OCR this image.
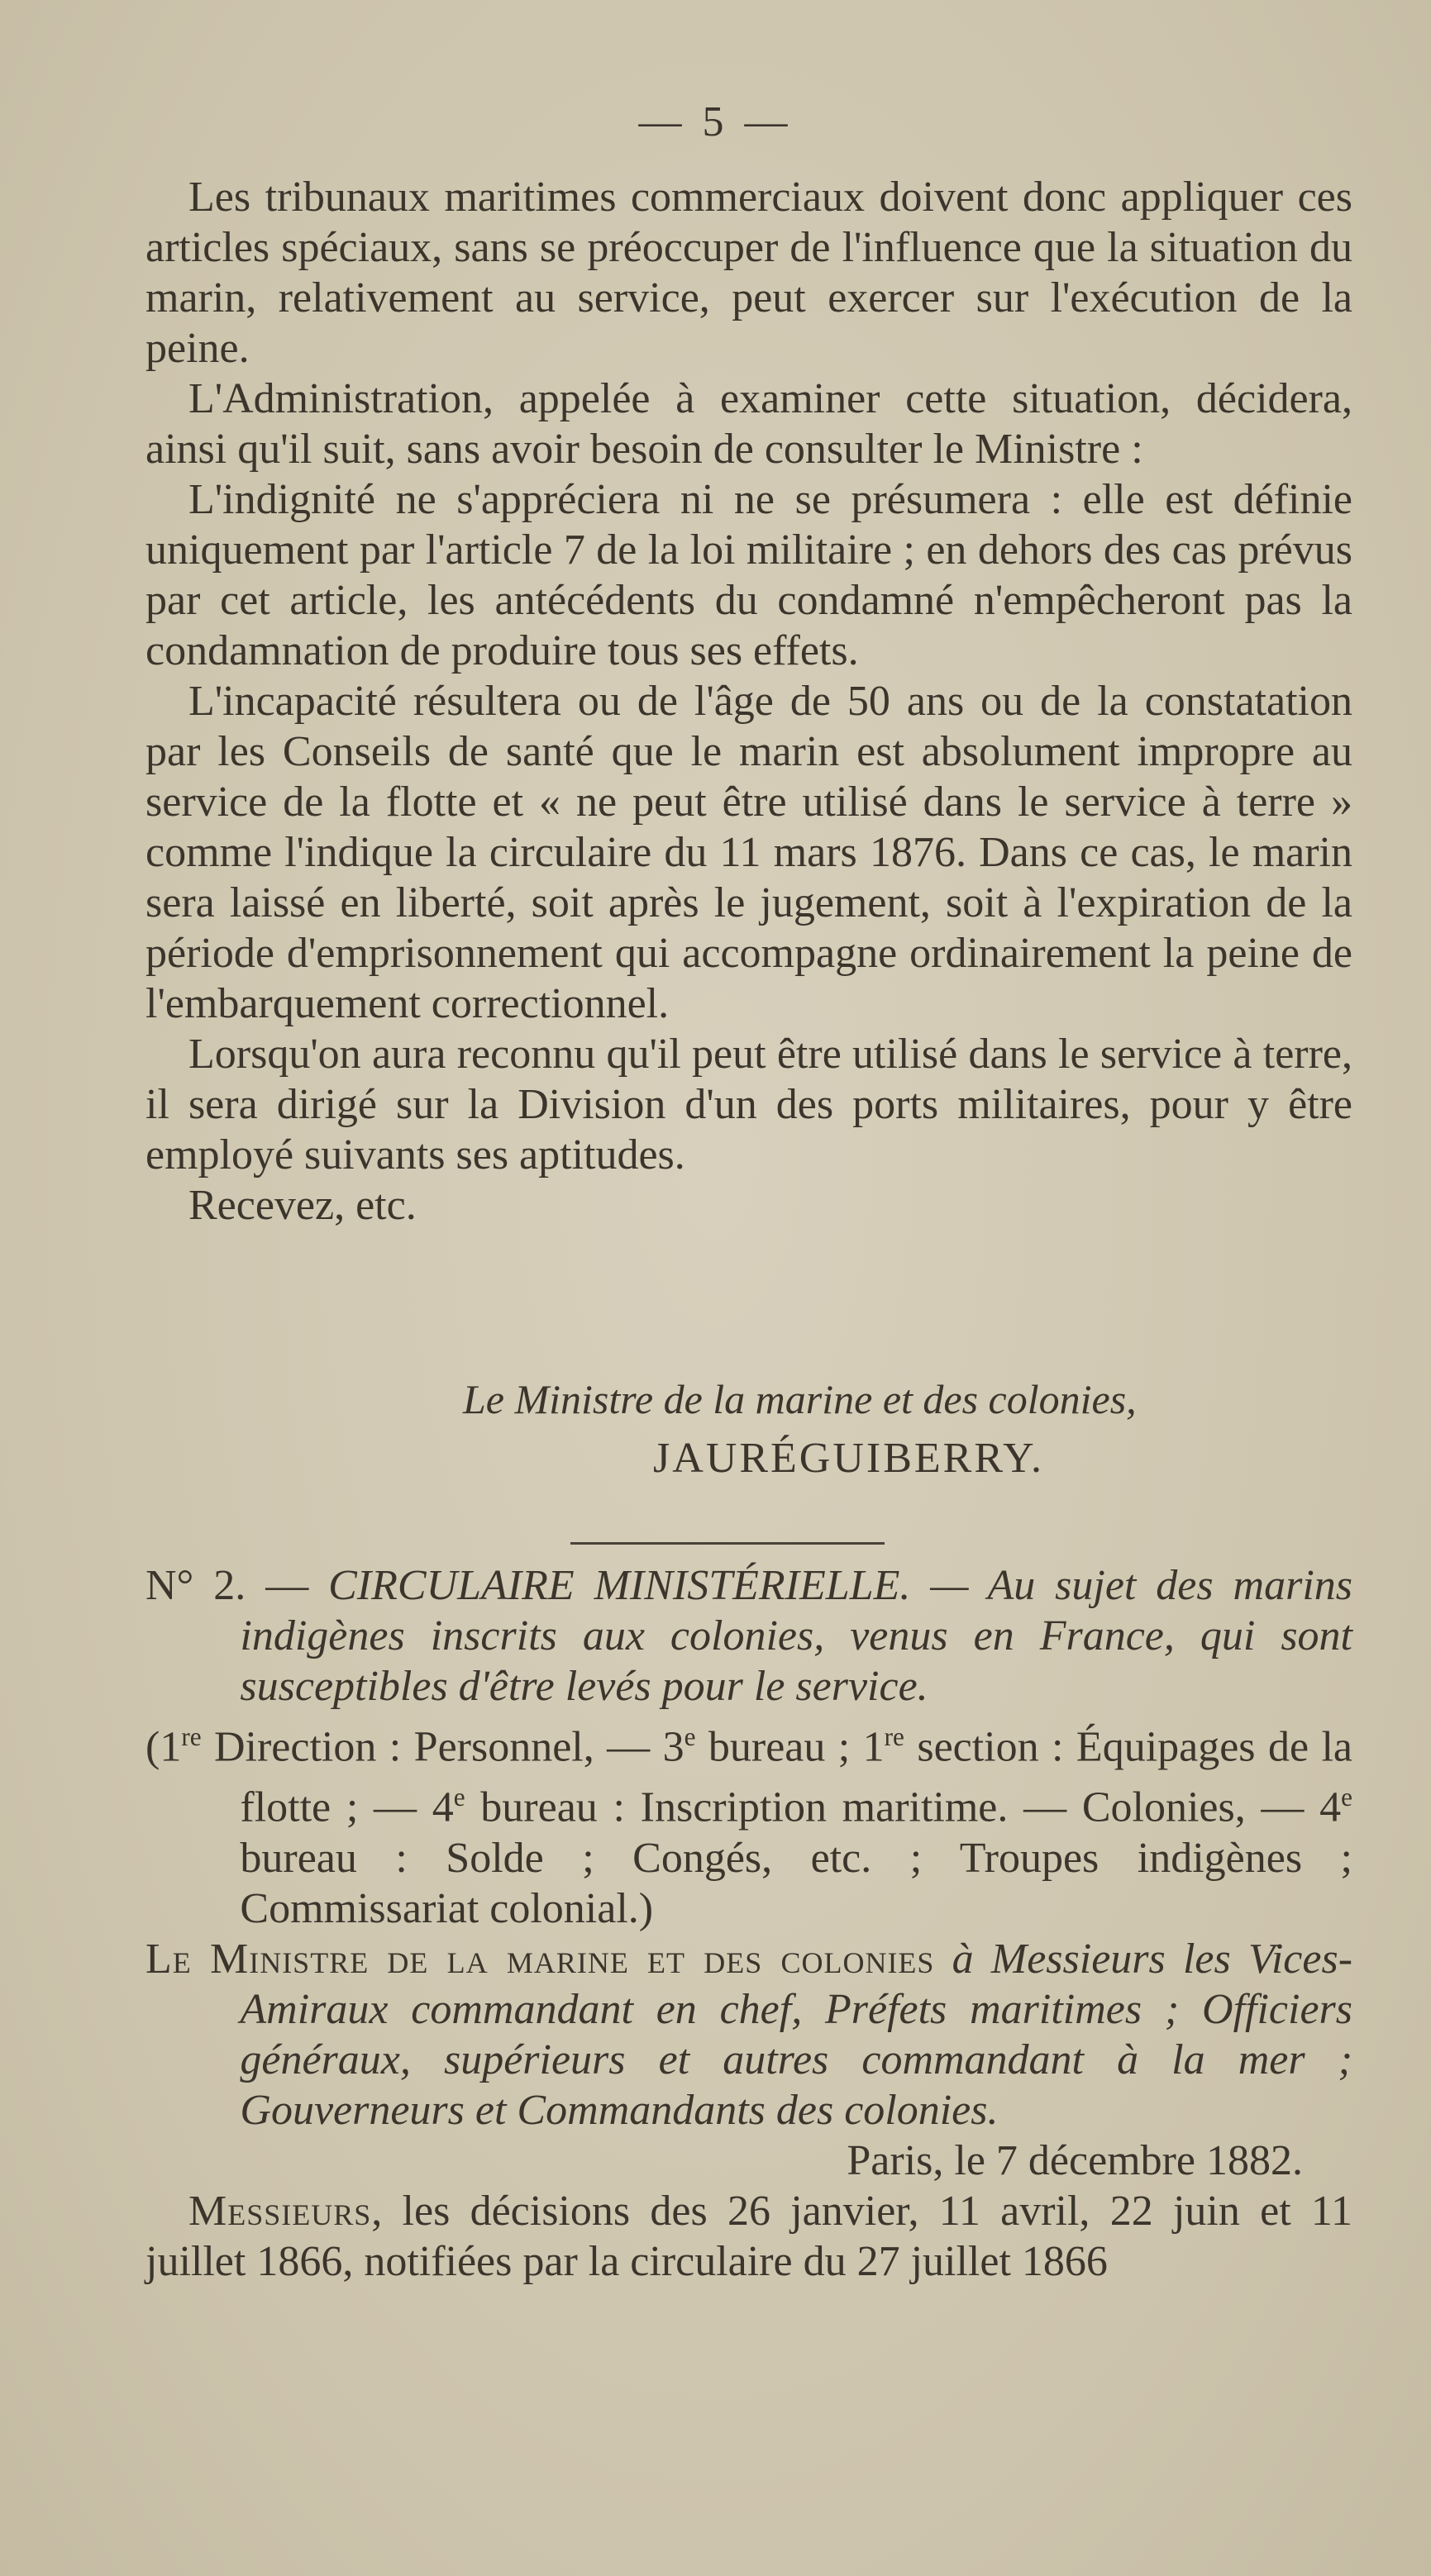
— 5 —

Les tribunaux maritimes commerciaux doivent donc appliquer ces articles spéciaux, sans se préoccuper de l'influence que la situation du marin, relativement au service, peut exercer sur l'exécution de la peine.

L'Administration, appelée à examiner cette situation, décidera, ainsi qu'il suit, sans avoir besoin de consulter le Ministre :

L'indignité ne s'appréciera ni ne se présumera : elle est définie uniquement par l'article 7 de la loi militaire ; en dehors des cas prévus par cet article, les antécédents du condamné n'empêcheront pas la condamnation de produire tous ses effets.

L'incapacité résultera ou de l'âge de 50 ans ou de la constatation par les Conseils de santé que le marin est absolument impropre au service de la flotte et « ne peut être utilisé dans le service à terre » comme l'indique la circulaire du 11 mars 1876. Dans ce cas, le marin sera laissé en liberté, soit après le jugement, soit à l'expiration de la période d'emprisonnement qui accompagne ordinairement la peine de l'embarquement correctionnel.

Lorsqu'on aura reconnu qu'il peut être utilisé dans le service à terre, il sera dirigé sur la Division d'un des ports militaires, pour y être employé suivants ses aptitudes.

Recevez, etc.

Le Ministre de la marine et des colonies,
JAURÉGUIBERRY.

N° 2. — CIRCULAIRE MINISTÉRIELLE. — Au sujet des marins indigènes inscrits aux colonies, venus en France, qui sont susceptibles d'être levés pour le service.

(1re Direction : Personnel, — 3e bureau ; 1re section : Équipages de la flotte ; — 4e bureau : Inscription maritime. — Colonies, — 4e bureau : Solde ; Congés, etc. ; Troupes indigènes ; Commissariat colonial.)

Le Ministre de la marine et des colonies à Messieurs les Vices-Amiraux commandant en chef, Préfets maritimes ; Officiers généraux, supérieurs et autres commandant à la mer ; Gouverneurs et Commandants des colonies.

Paris, le 7 décembre 1882.

Messieurs, les décisions des 26 janvier, 11 avril, 22 juin et 11 juillet 1866, notifiées par la circulaire du 27 juillet 1866
